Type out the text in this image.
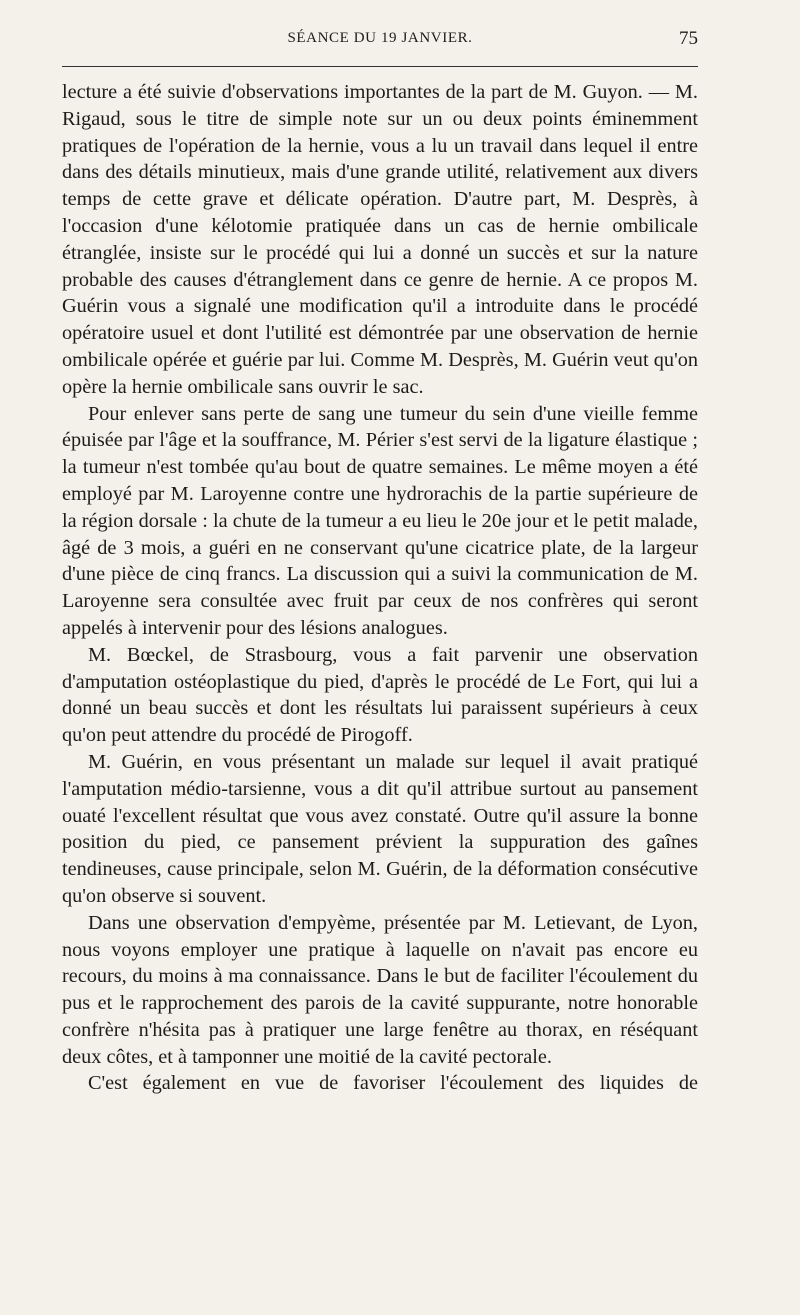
SÉANCE DU 19 JANVIER.	75

lecture a été suivie d'observations importantes de la part de M. Guyon. — M. Rigaud, sous le titre de simple note sur un ou deux points éminemment pratiques de l'opération de la hernie, vous a lu un travail dans lequel il entre dans des détails minutieux, mais d'une grande utilité, relativement aux divers temps de cette grave et délicate opération. D'autre part, M. Desprès, à l'occasion d'une kélotomie pratiquée dans un cas de hernie ombilicale étranglée, insiste sur le procédé qui lui a donné un succès et sur la nature probable des causes d'étranglement dans ce genre de hernie. A ce propos M. Guérin vous a signalé une modification qu'il a introduite dans le procédé opératoire usuel et dont l'utilité est démontrée par une observation de hernie ombilicale opérée et guérie par lui. Comme M. Desprès, M. Guérin veut qu'on opère la hernie ombilicale sans ouvrir le sac.

Pour enlever sans perte de sang une tumeur du sein d'une vieille femme épuisée par l'âge et la souffrance, M. Périer s'est servi de la ligature élastique ; la tumeur n'est tombée qu'au bout de quatre semaines. Le même moyen a été employé par M. Laroyenne contre une hydrorachis de la partie supérieure de la région dorsale : la chute de la tumeur a eu lieu le 20e jour et le petit malade, âgé de 3 mois, a guéri en ne conservant qu'une cicatrice plate, de la largeur d'une pièce de cinq francs. La discussion qui a suivi la communication de M. Laroyenne sera consultée avec fruit par ceux de nos confrères qui seront appelés à intervenir pour des lésions analogues.

M. Bœckel, de Strasbourg, vous a fait parvenir une observation d'amputation ostéoplastique du pied, d'après le procédé de Le Fort, qui lui a donné un beau succès et dont les résultats lui paraissent supérieurs à ceux qu'on peut attendre du procédé de Pirogoff.

M. Guérin, en vous présentant un malade sur lequel il avait pratiqué l'amputation médio-tarsienne, vous a dit qu'il attribue surtout au pansement ouaté l'excellent résultat que vous avez constaté. Outre qu'il assure la bonne position du pied, ce pansement prévient la suppuration des gaînes tendineuses, cause principale, selon M. Guérin, de la déformation consécutive qu'on observe si souvent.

Dans une observation d'empyème, présentée par M. Letievant, de Lyon, nous voyons employer une pratique à laquelle on n'avait pas encore eu recours, du moins à ma connaissance. Dans le but de faciliter l'écoulement du pus et le rapprochement des parois de la cavité suppurante, notre honorable confrère n'hésita pas à pratiquer une large fenêtre au thorax, en réséquant deux côtes, et à tamponner une moitié de la cavité pectorale.

C'est également en vue de favoriser l'écoulement des liquides de
